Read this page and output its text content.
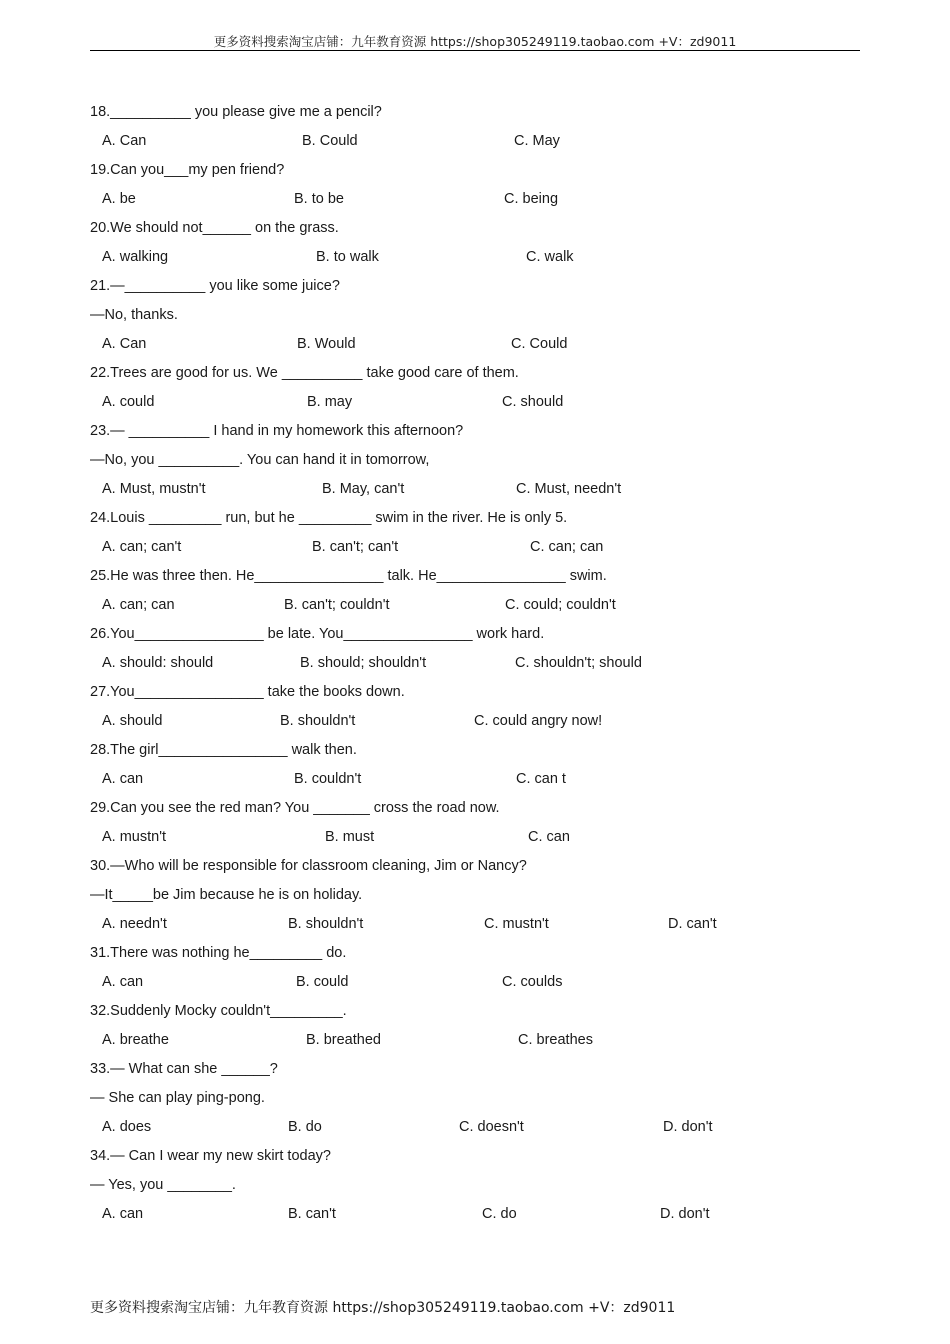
更多资料搜索淘宝店铺：九年教育资源 https://shop305249119.taobao.com +V：zd9011
18.__________ you please give me a pencil?
A. Can	B. Could	C. May
19.Can you___my pen friend?
A. be	B. to be	C. being
20.We should not______ on the grass.
A. walking	B. to walk	C. walk
21.—__________ you like some juice?
—No, thanks.
A. Can	B. Would	C. Could
22.Trees are good for us. We __________ take good care of them.
A. could	B. may	C. should
23.— __________ I hand in my homework this afternoon?
—No, you __________. You can hand it in tomorrow,
A. Must, mustn't	B. May, can't	C. Must, needn't
24.Louis _________ run, but he _________ swim in the river. He is only 5.
A. can; can't	B. can't; can't	C. can; can
25.He was three then. He________________ talk. He________________ swim.
A. can; can	B. can't; couldn't	C. could; couldn't
26.You________________ be late. You________________ work hard.
A. should: should	B. should; shouldn't	C. shouldn't; should
27.You________________ take the books down.
A. should	B. shouldn't	C. could angry now!
28.The girl________________ walk then.
A. can	B. couldn't	C. can t
29.Can you see the red man? You _______ cross the road now.
A. mustn't	B. must	C. can
30.—Who will be responsible for classroom cleaning, Jim or Nancy?
—It_____be Jim because he is on holiday.
A. needn't	B. shouldn't	C. mustn't	D. can't
31.There was nothing he_________ do.
A. can	B. could	C. coulds
32.Suddenly Mocky couldn't_________.
A. breathe	B. breathed	C. breathes
33.— What can she ______?
— She can play ping-pong.
A. does	B. do	C. doesn't	D. don't
34.— Can I wear my new skirt today?
— Yes, you ________.
A. can	B. can't	C. do	D. don't
更多资料搜索淘宝店铺：九年教育资源 https://shop305249119.taobao.com +V：zd9011
